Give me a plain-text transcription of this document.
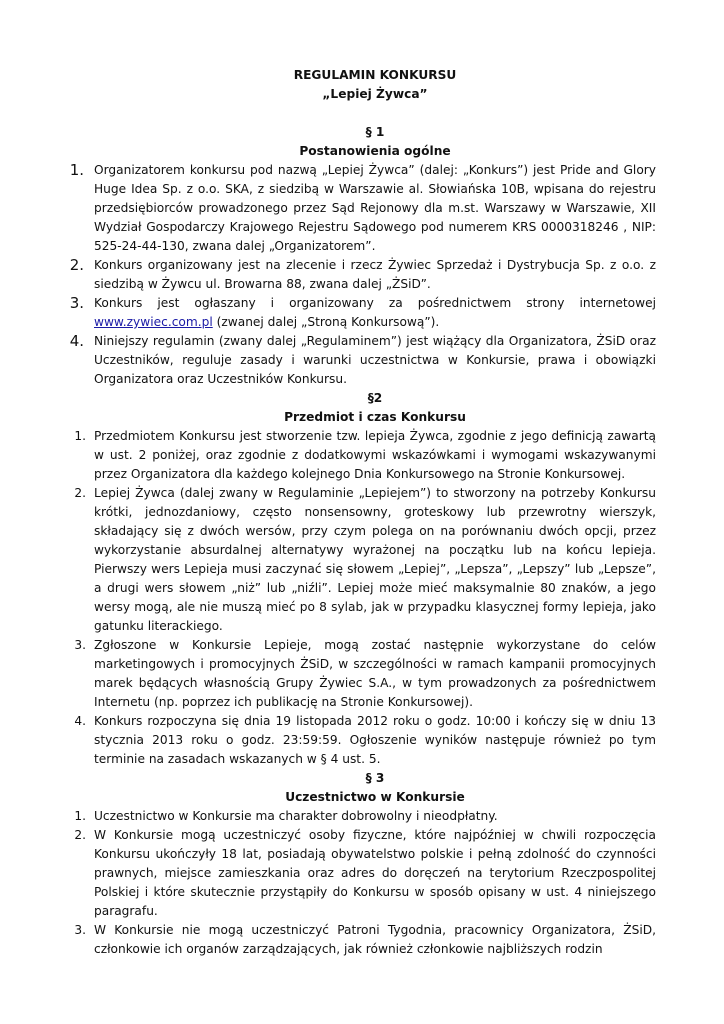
REGULAMIN KONKURSU
„Lepiej Żywca”
§ 1
Postanowienia ogólne
1. Organizatorem konkursu pod nazwą „Lepiej Żywca” (dalej: „Konkurs”) jest Pride and Glory Huge Idea Sp. z o.o. SKA, z siedzibą w Warszawie al. Słowiańska 10B, wpisana do rejestru przedsiębiorców prowadzonego przez Sąd Rejonowy dla m.st. Warszawy w Warszawie, XII Wydział Gospodarczy Krajowego Rejestru Sądowego pod numerem KRS 0000318246 , NIP: 525-24-44-130, zwana dalej „Organizatorem”.
2. Konkurs organizowany jest na zlecenie i rzecz Żywiec Sprzedaż i Dystrybucja Sp. z o.o. z siedzibą w Żywcu ul. Browarna 88, zwana dalej „ŻSiD”.
3. Konkurs jest ogłaszany i organizowany za pośrednictwem strony internetowej www.zywiec.com.pl (zwanej dalej „Stroną Konkursową”).
4. Niniejszy regulamin (zwany dalej „Regulaminem”) jest wiążący dla Organizatora, ŻSiD oraz Uczestników, reguluje zasady i warunki uczestnictwa w Konkursie, prawa i obowiązki Organizatora oraz Uczestników Konkursu.
§2
Przedmiot i czas Konkursu
1. Przedmiotem Konkursu jest stworzenie tzw. lepieja Żywca, zgodnie z jego definicją zawartą w ust. 2 poniżej, oraz zgodnie z dodatkowymi wskazówkami i wymogami wskazywanymi przez Organizatora dla każdego kolejnego Dnia Konkursowego na Stronie Konkursowej.
2. Lepiej Żywca (dalej zwany w Regulaminie „Lepiejem”) to stworzony na potrzeby Konkursu krótki, jednozdaniowy, często nonsensowny, groteskowy lub przewrotny wierszyk, składający się z dwóch wersów, przy czym polega on na porównaniu dwóch opcji, przez wykorzystanie absurdalnej alternatywy wyrażonej na początku lub na końcu lepieja. Pierwszy wers Lepieja musi zaczynać się słowem „Lepiej”, „Lepsza”, „Lepszy” lub „Lepsze”, a drugi wers słowem „niż” lub „niźli”. Lepiej może mieć maksymalnie 80 znaków, a jego wersy mogą, ale nie muszą mieć po 8 sylab, jak w przypadku klasycznej formy lepieja, jako gatunku literackiego.
3. Zgłoszone w Konkursie Lepieje, mogą zostać następnie wykorzystane do celów marketingowych i promocyjnych ŻSiD, w szczególności w ramach kampanii promocyjnych marek będących własnością Grupy Żywiec S.A., w tym prowadzonych za pośrednictwem Internetu (np. poprzez ich publikację na Stronie Konkursowej).
4. Konkurs rozpoczyna się dnia 19 listopada 2012 roku o godz. 10:00 i kończy się w dniu 13 stycznia 2013 roku o godz. 23:59:59. Ogłoszenie wyników następuje również po tym terminie na zasadach wskazanych w § 4 ust. 5.
§ 3
Uczestnictwo w Konkursie
1. Uczestnictwo w Konkursie ma charakter dobrowolny i nieodpłatny.
2. W Konkursie mogą uczestniczyć osoby fizyczne, które najpóźniej w chwili rozpoczęcia Konkursu ukończyły 18 lat, posiadają obywatelstwo polskie i pełną zdolność do czynności prawnych, miejsce zamieszkania oraz adres do doręczeń na terytorium Rzeczpospolitej Polskiej i które skutecznie przystąpiły do Konkursu w sposób opisany w ust. 4 niniejszego paragrafu.
3. W Konkursie nie mogą uczestniczyć Patroni Tygodnia, pracownicy Organizatora, ŻSiD, członkowie ich organów zarządzających, jak również członkowie najbliższych rodzin
